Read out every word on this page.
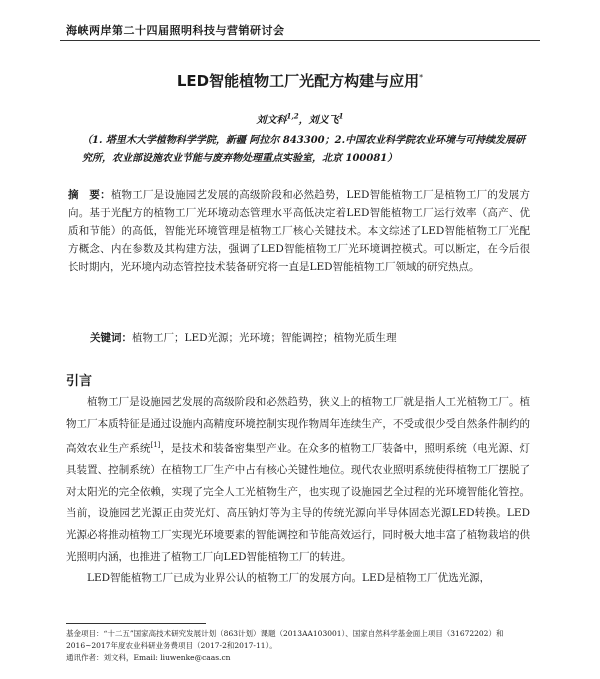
海峡两岸第二十四届照明科技与营销研讨会
LED智能植物工厂光配方构建与应用*
刘文科$^{1,2}$，刘义飞$^1$
（1. 塔里木大学植物科学学院，新疆 阿拉尔 843300；2.中国农业科学院农业环境与可持续发展研究所，农业部设施农业节能与废弃物处理重点实验室，北京 100081）
摘　要：植物工厂是设施园艺发展的高级阶段和必然趋势，LED智能植物工厂是植物工厂的发展方向。基于光配方的植物工厂光环境动态管理水平高低决定着LED智能植物工厂运行效率（高产、优质和节能）的高低，智能光环境管理是植物工厂核心关键技术。本文综述了LED智能植物工厂光配方概念、内在参数及其构建方法，强调了LED智能植物工厂光环境调控模式。可以断定，在今后很长时期内，光环境内动态管控技术装备研究将一直是LED智能植物工厂领域的研究热点。
关键词：植物工厂；LED光源；光环境；智能调控；植物光质生理
引言

植物工厂是设施园艺发展的高级阶段和必然趋势，狭义上的植物工厂就是指人工光植物工厂。植物工厂本质特征是通过设施内高精度环境控制实现作物周年连续生产，不受或很少受自然条件制约的高效农业生产系统[1]，是技术和装备密集型产业。在众多的植物工厂装备中，照明系统（电光源、灯具装置、控制系统）在植物工厂生产中占有核心关键性地位。现代农业照明系统使得植物工厂摆脱了对太阳光的完全依赖，实现了完全人工光植物生产，也实现了设施园艺全过程的光环境智能化管控。当前，设施园艺光源正由荧光灯、高压钠灯等为主导的传统光源向半导体固态光源LED转换。LED光源必将推动植物工厂实现光环境要素的智能调控和节能高效运行，同时极大地丰富了植物栽培的供光照明内涵，也推进了植物工厂向LED智能植物工厂的转进。

LED智能植物工厂已成为业界公认的植物工厂的发展方向。LED是植物工厂优选光源，

基金项目：“十二五”国家高技术研究发展计划（863计划）课题（2013AA103001）、国家自然科学基金面上项目（31672202）和2016~2017年度农业科研业务费项目（2017-2和2017-11）。

通讯作者：刘文科，Email: liuwenke@caas.cn
